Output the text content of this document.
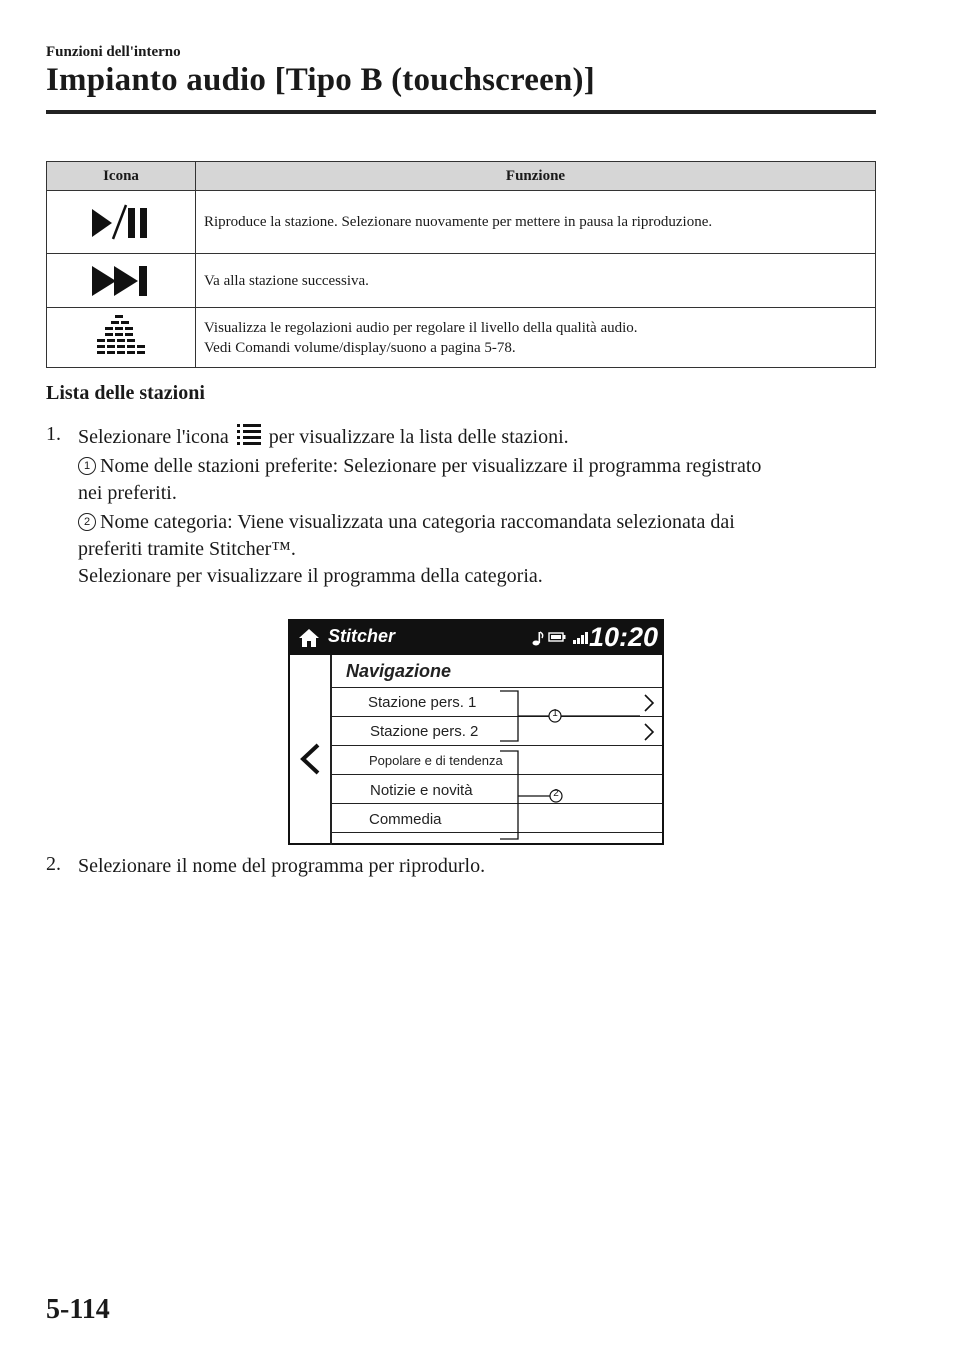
Funzioni dell'interno
Impianto audio [Tipo B (touchscreen)]
Icona	Funzione

Riproduce la stazione. Selezionare nuovamente per mettere in pausa la riproduzione.

Va alla stazione successiva.

Visualizza le regolazioni audio per regolare il livello della qualità audio.
Vedi Comandi volume/display/suono a pagina 5-78.
Lista delle stazioni
1. Selezionare l'icona per visualizzare la lista delle stazioni.
1 Nome delle stazioni preferite: Selezionare per visualizzare il programma registrato
nei preferiti.
2 Nome categoria: Viene visualizzata una categoria raccomandata selezionata dai
preferiti tramite Stitcher™.
Selezionare per visualizzare il programma della categoria.
Stitcher	10:20
Navigazione
Stazione pers. 1
Stazione pers. 2
Popolare e di tendenza
Notizie e novità
Commedia
1
2
2. Selezionare il nome del programma per riprodurlo.
5-114
